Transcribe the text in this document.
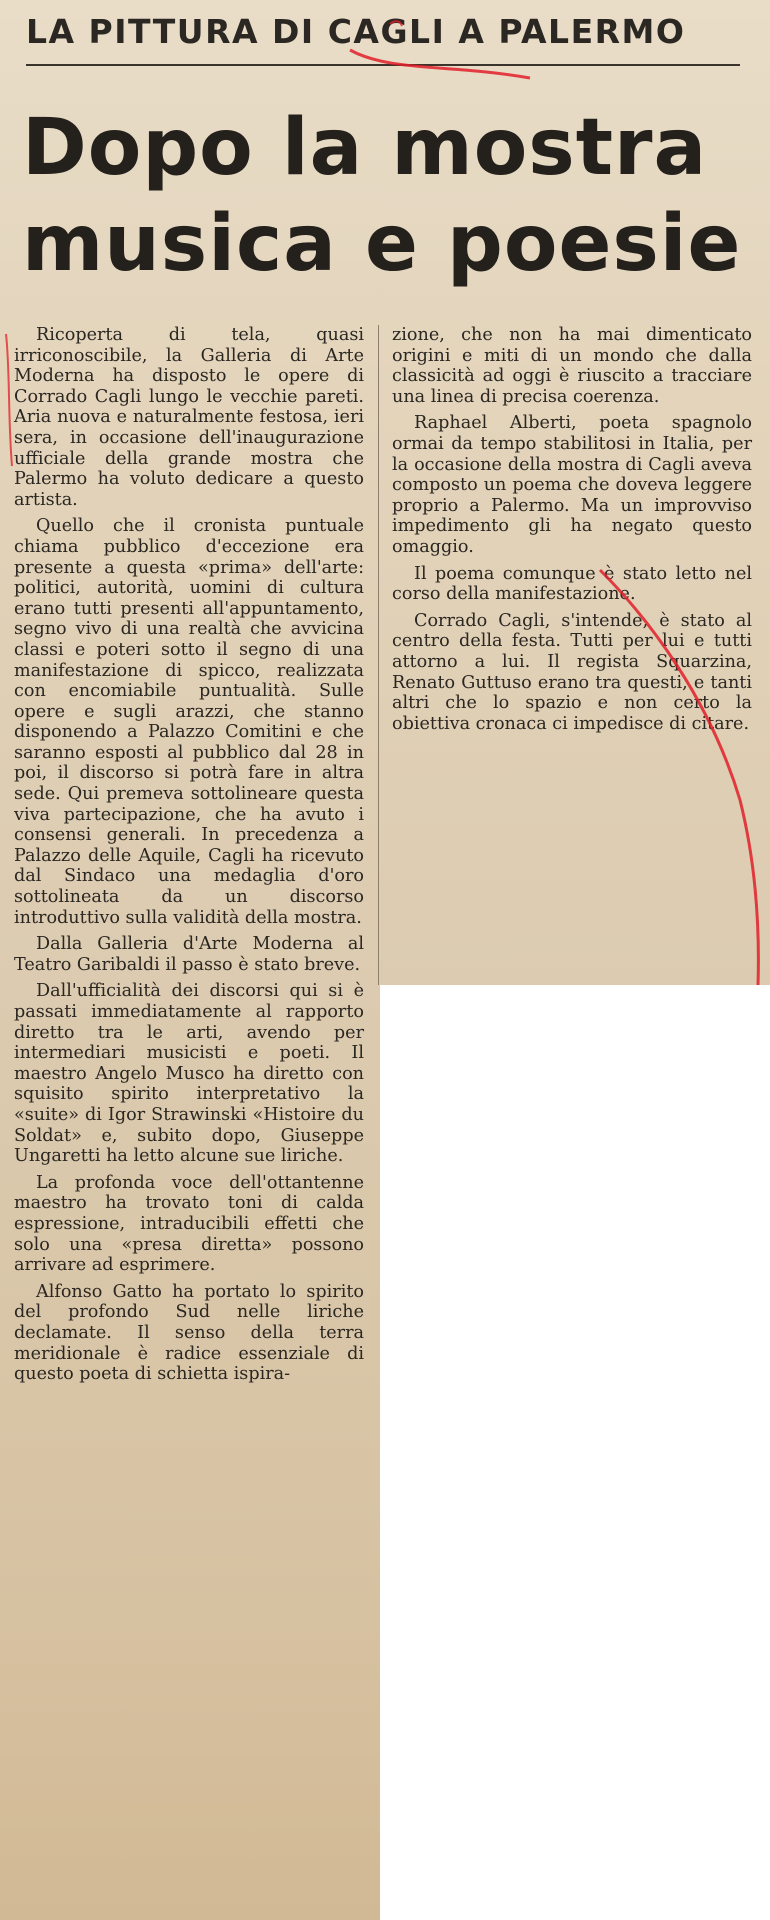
LA PITTURA DI CAGLI A PALERMO
Dopo la mostra
musica e poesie

Ricoperta di tela, quasi irriconoscibile, la Galleria di Arte Moderna ha disposto le opere di Corrado Cagli lungo le vecchie pareti. Aria nuova e naturalmente festosa, ieri sera, in occasione dell'inaugurazione ufficiale della grande mostra che Palermo ha voluto dedicare a questo artista.

Quello che il cronista puntuale chiama pubblico d'eccezione era presente a questa «prima» dell'arte: politici, autorità, uomini di cultura erano tutti presenti all'appuntamento, segno vivo di una realtà che avvicina classi e poteri sotto il segno di una manifestazione di spicco, realizzata con encomiabile puntualità. Sulle opere e sugli arazzi, che stanno disponendo a Palazzo Comitini e che saranno esposti al pubblico dal 28 in poi, il discorso si potrà fare in altra sede. Qui premeva sottolineare questa viva partecipazione, che ha avuto i consensi generali. In precedenza a Palazzo delle Aquile, Cagli ha ricevuto dal Sindaco una medaglia d'oro sottolineata da un discorso introduttivo sulla validità della mostra.

Dalla Galleria d'Arte Moderna al Teatro Garibaldi il passo è stato breve.

Dall'ufficialità dei discorsi qui si è passati immediatamente al rapporto diretto tra le arti, avendo per intermediari musicisti e poeti. Il maestro Angelo Musco ha diretto con squisito spirito interpretativo la «suite» di Igor Strawinski «Histoire du Soldat» e, subito dopo, Giuseppe Ungaretti ha letto alcune sue liriche.

La profonda voce dell'ottantenne maestro ha trovato toni di calda espressione, intraducibili effetti che solo una «presa diretta» possono arrivare ad esprimere.

Alfonso Gatto ha portato lo spirito del profondo Sud nelle liriche declamate. Il senso della terra meridionale è radice essenziale di questo poeta di schietta ispira-

zione, che non ha mai dimenticato origini e miti di un mondo che dalla classicità ad oggi è riuscito a tracciare una linea di precisa coerenza.

Raphael Alberti, poeta spagnolo ormai da tempo stabilitosi in Italia, per la occasione della mostra di Cagli aveva composto un poema che doveva leggere proprio a Palermo. Ma un improvviso impedimento gli ha negato questo omaggio.

Il poema comunque è stato letto nel corso della manifestazione.

Corrado Cagli, s'intende, è stato al centro della festa. Tutti per lui e tutti attorno a lui. Il regista Squarzina, Renato Guttuso erano tra questi, e tanti altri che lo spazio e non certo la obiettiva cronaca ci impedisce di citare.
